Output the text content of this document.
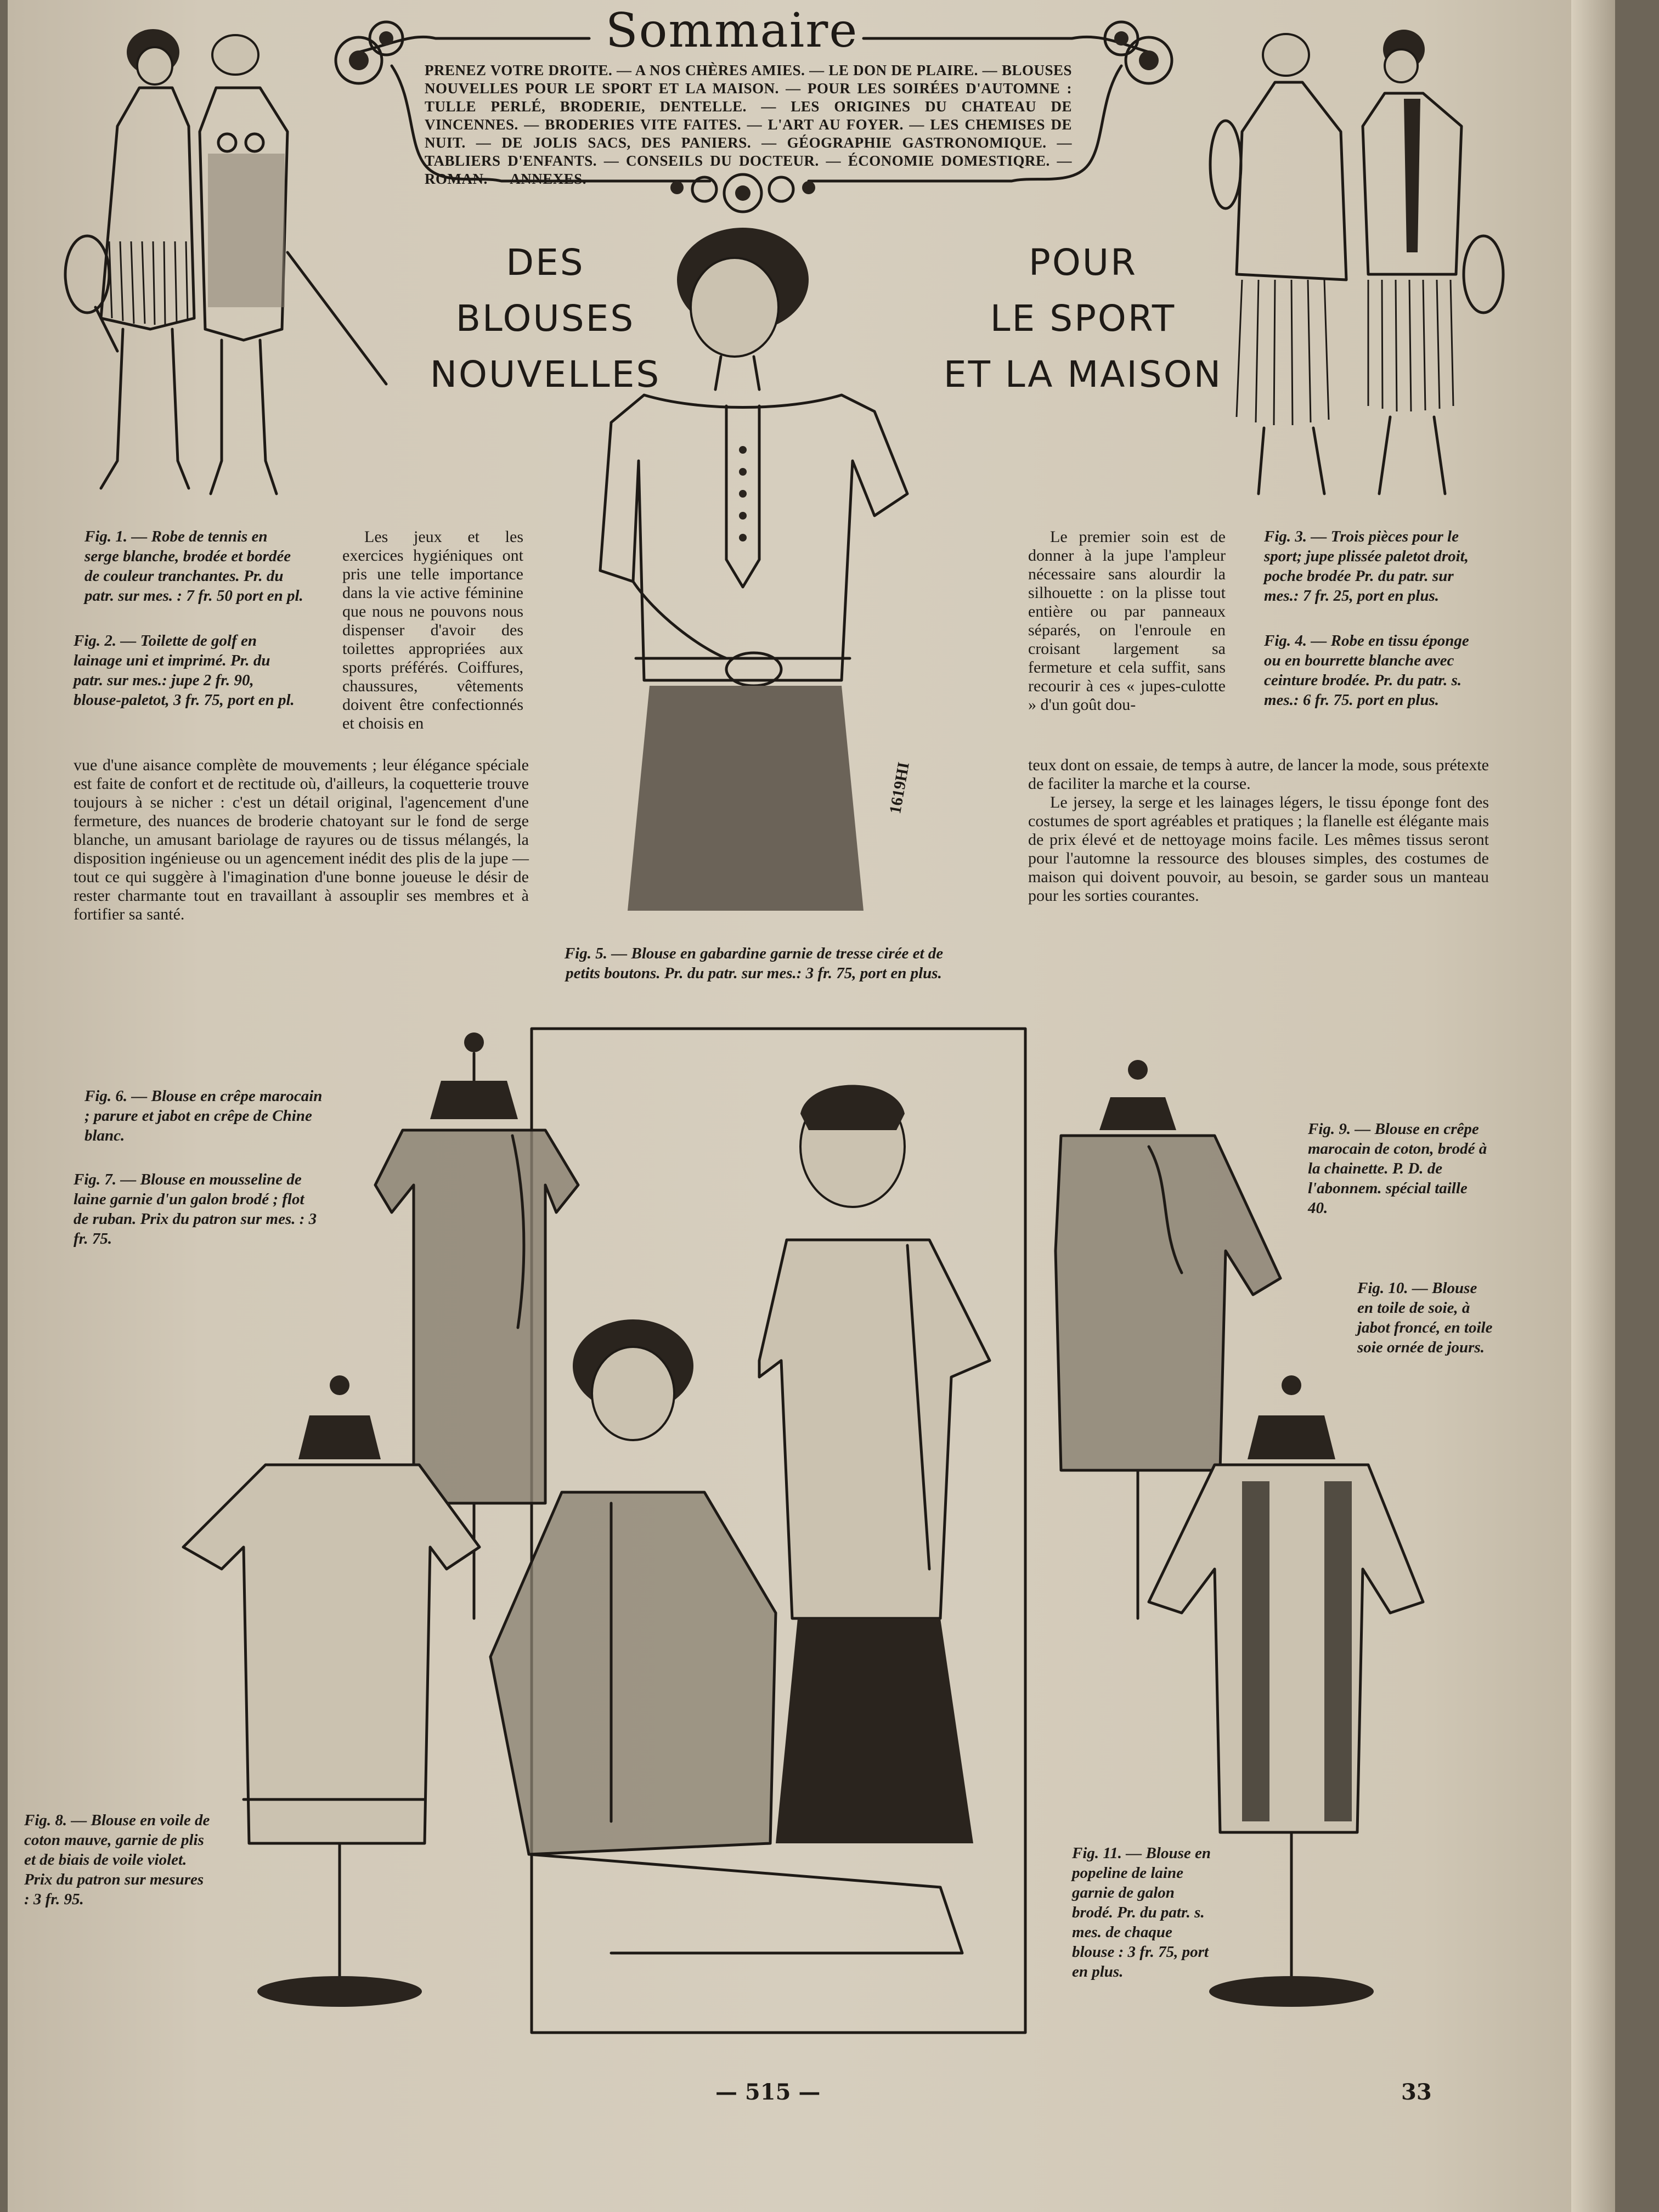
Sommaire
PRENEZ VOTRE DROITE. — A NOS CHÈRES AMIES. — LE DON DE PLAIRE. — BLOUSES NOUVELLES POUR LE SPORT ET LA MAISON. — POUR LES SOIRÉES D'AUTOMNE : TULLE PERLÉ, BRODERIE, DENTELLE. — LES ORIGINES DU CHATEAU DE VINCENNES. — BRODERIES VITE FAITES. — L'ART AU FOYER. — LES CHEMISES DE NUIT. — DE JOLIS SACS, DES PANIERS. — GÉOGRAPHIE GASTRONOMIQUE. — TABLIERS D'ENFANTS. — CONSEILS DU DOCTEUR. — ÉCONOMIE DOMESTIQRE. — ROMAN. — ANNEXES.
DES
BLOUSES
NOUVELLES
POUR
LE SPORT
ET LA MAISON
1619HI
Fig. 1. — Robe de tennis en serge blanche, brodée et bordée de couleur tranchantes. Pr. du patr. sur mes. : 7 fr. 50 port en pl.
Fig. 2. — Toilette de golf en lainage uni et imprimé. Pr. du patr. sur mes.: jupe 2 fr. 90, blouse-paletot, 3 fr. 75, port en pl.
Fig. 3. — Trois pièces pour le sport; jupe plissée paletot droit, poche brodée Pr. du patr. sur mes.: 7 fr. 25, port en plus.
Fig. 4. — Robe en tissu éponge ou en bourrette blanche avec ceinture brodée. Pr. du patr. s. mes.: 6 fr. 75. port en plus.

Les jeux et les exercices hygiéniques ont pris une telle importance dans la vie active féminine que nous ne pouvons nous dispenser d'avoir des toilettes appropriées aux sports préférés. Coiffures, chaussures, vêtements doivent être confectionnés et choisis en

vue d'une aisance complète de mouvements ; leur élégance spéciale est faite de confort et de rectitude où, d'ailleurs, la coquetterie trouve toujours à se nicher : c'est un détail original, l'agencement d'une fermeture, des nuances de broderie chatoyant sur le fond de serge blanche, un amusant bariolage de rayures ou de tissus mélangés, la disposition ingénieuse ou un agencement inédit des plis de la jupe — tout ce qui suggère à l'imagination d'une bonne joueuse le désir de rester charmante tout en travaillant à assouplir ses membres et à fortifier sa santé.

Le premier soin est de donner à la jupe l'ampleur nécessaire sans alourdir la silhouette : on la plisse tout entière ou par panneaux séparés, on l'enroule en croisant largement sa fermeture et cela suffit, sans recourir à ces « jupes-culotte » d'un goût dou-

teux dont on essaie, de temps à autre, de lancer la mode, sous prétexte de faciliter la marche et la course.

Le jersey, la serge et les lainages légers, le tissu éponge font des costumes de sport agréables et pratiques ; la flanelle est élégante mais de prix élevé et de nettoyage moins facile. Les mêmes tissus seront pour l'automne la ressource des blouses simples, des costumes de maison qui doivent pouvoir, au besoin, se garder sous un manteau pour les sorties courantes.

Fig. 5. — Blouse en gabardine garnie de tresse cirée et de petits boutons. Pr. du patr. sur mes.: 3 fr. 75, port en plus.
Fig. 6. — Blouse en crêpe marocain ; parure et jabot en crêpe de Chine blanc.
Fig. 7. — Blouse en mousseline de laine garnie d'un galon brodé ; flot de ruban. Prix du patron sur mes. : 3 fr. 75.
Fig. 8. — Blouse en voile de coton mauve, garnie de plis et de biais de voile violet. Prix du patron sur mesures : 3 fr. 95.
Fig. 9. — Blouse en crêpe marocain de coton, brodé à la chainette. P. D. de l'abonnem. spécial taille 40.
Fig. 10. — Blouse en toile de soie, à jabot froncé, en toile soie ornée de jours.
Fig. 11. — Blouse en popeline de laine garnie de galon brodé. Pr. du patr. s. mes. de chaque blouse : 3 fr. 75, port en plus.
— 515 —	33
